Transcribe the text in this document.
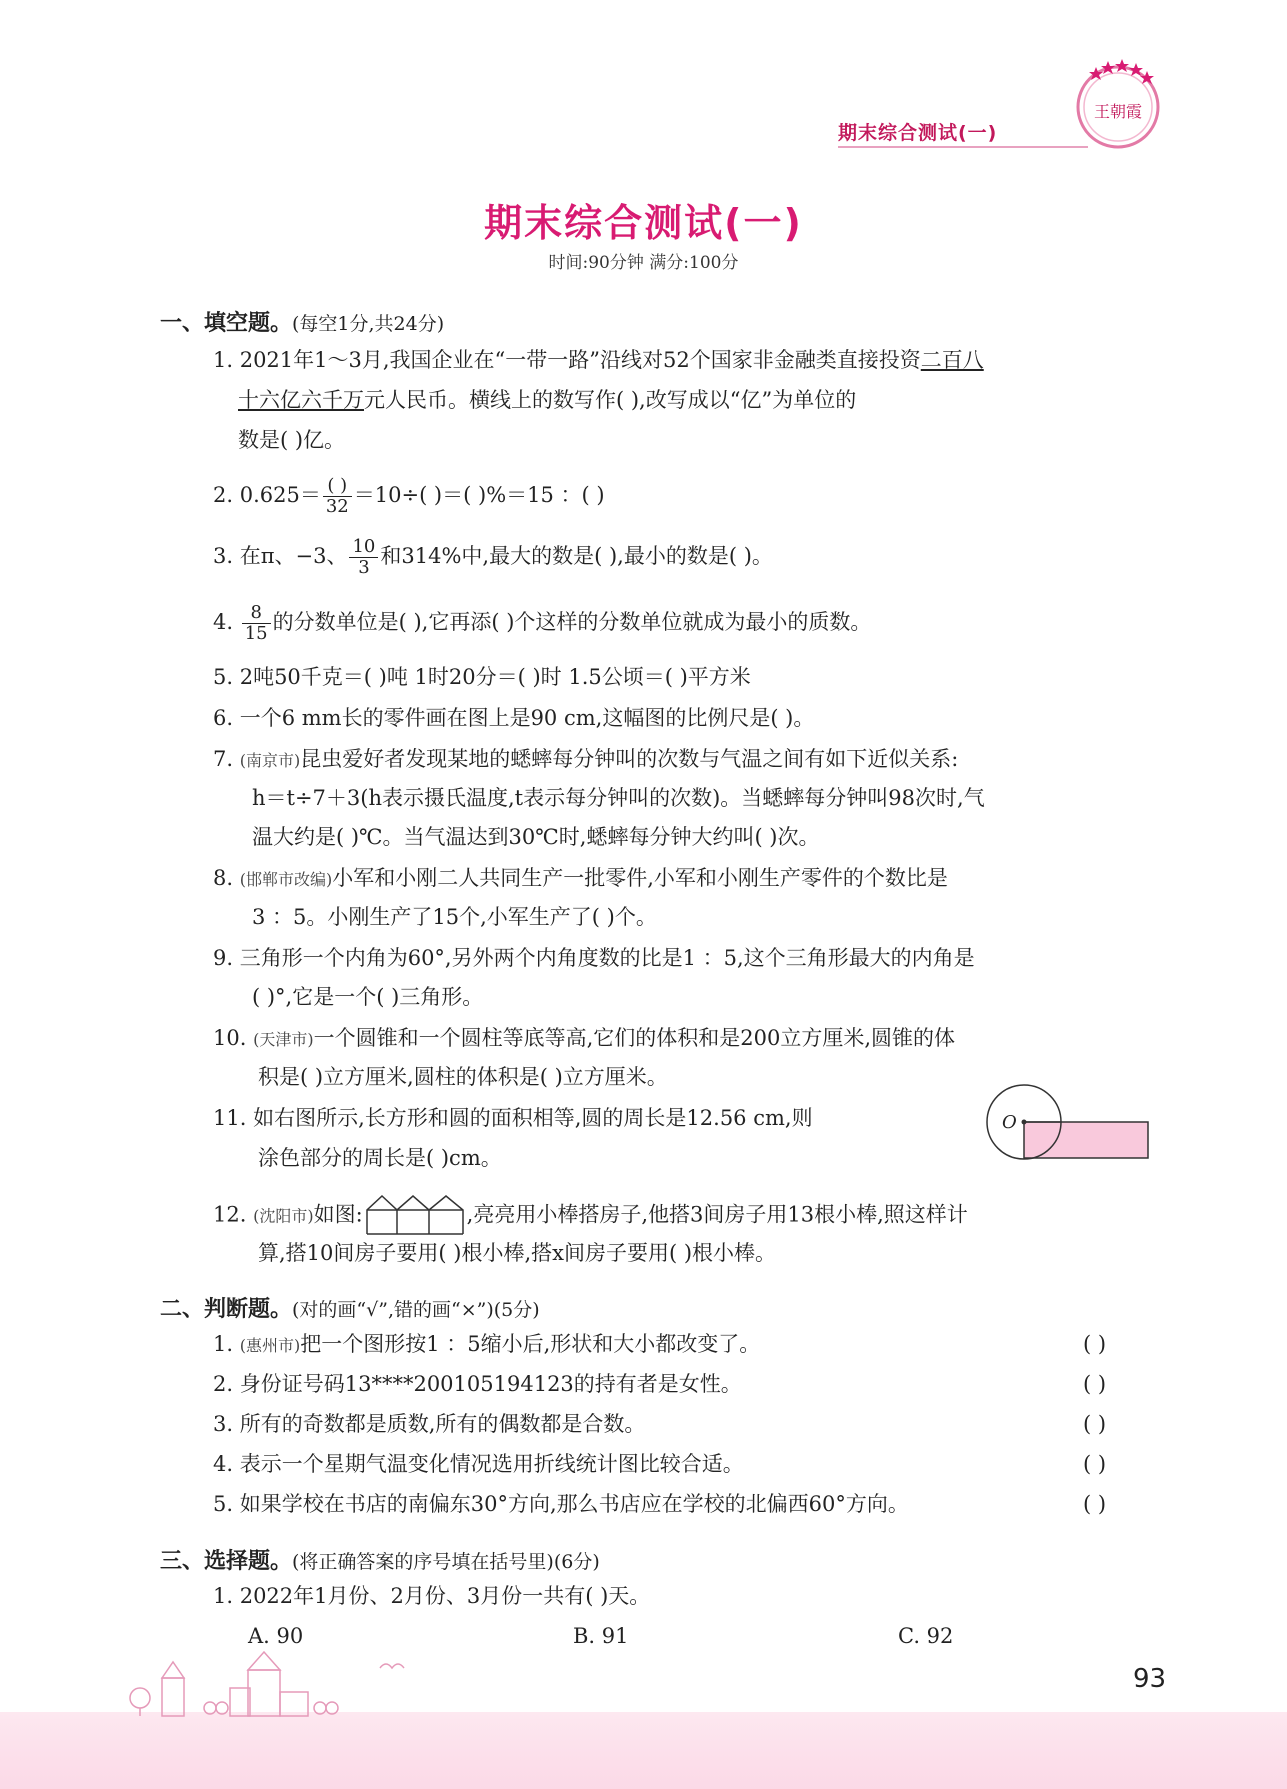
王朝霞
期末综合测试(一)
期末综合测试(一)
时间:90分钟 满分:100分
一、填空题。(每空1分,共24分)
1. 2021年1～3月,我国企业在“一带一路”沿线对52个国家非金融类直接投资二百八
十六亿六千万元人民币。横线上的数写作( ),改写成以“亿”为单位的
数是( )亿。
2. $0.625= \frac{( )}{32} =10\div$( )＝( )%＝15 ：( )
3. 在π、−3、 $\frac{10}{3}$ 和314%中,最大的数是( ),最小的数是( )。
4. $\frac{8}{15}$ 的分数单位是( ),它再添( )个这样的分数单位就成为最小的质数。
5. 2吨50千克＝( )吨 1时20分＝( )时 1.5公顷＝( )平方米
6. 一个6 mm长的零件画在图上是90 cm,这幅图的比例尺是( )。
7. (南京市)昆虫爱好者发现某地的蟋蟀每分钟叫的次数与气温之间有如下近似关系:
h＝t÷7＋3(h表示摄氏温度,t表示每分钟叫的次数)。当蟋蟀每分钟叫98次时,气
温大约是( )℃。当气温达到30℃时,蟋蟀每分钟大约叫( )次。
8. (邯郸市改编)小军和小刚二人共同生产一批零件,小军和小刚生产零件的个数比是
3 ：5。小刚生产了15个,小军生产了( )个。
9. 三角形一个内角为60°,另外两个内角度数的比是1 ：5,这个三角形最大的内角是
( )°,它是一个( )三角形。
10. (天津市)一个圆锥和一个圆柱等底等高,它们的体积和是200立方厘米,圆锥的体
积是( )立方厘米,圆柱的体积是( )立方厘米。
11. 如右图所示,长方形和圆的面积相等,圆的周长是12.56 cm,则
涂色部分的周长是( )cm。
O
12. (沈阳市)如图:	,亮亮用小棒搭房子,他搭3间房子用13根小棒,照这样计
算,搭10间房子要用( )根小棒,搭x间房子要用( )根小棒。
二、判断题。(对的画“√”,错的画“×”)(5分)
1. (惠州市)把一个图形按1 ：5缩小后,形状和大小都改变了。	( )
2. 身份证号码13****200105194123的持有者是女性。	( )
3. 所有的奇数都是质数,所有的偶数都是合数。	( )
4. 表示一个星期气温变化情况选用折线统计图比较合适。	( )
5. 如果学校在书店的南偏东30°方向,那么书店应在学校的北偏西60°方向。	( )
三、选择题。(将正确答案的序号填在括号里)(6分)
1. 2022年1月份、2月份、3月份一共有( )天。
A. 90	B. 91	C. 92
93
